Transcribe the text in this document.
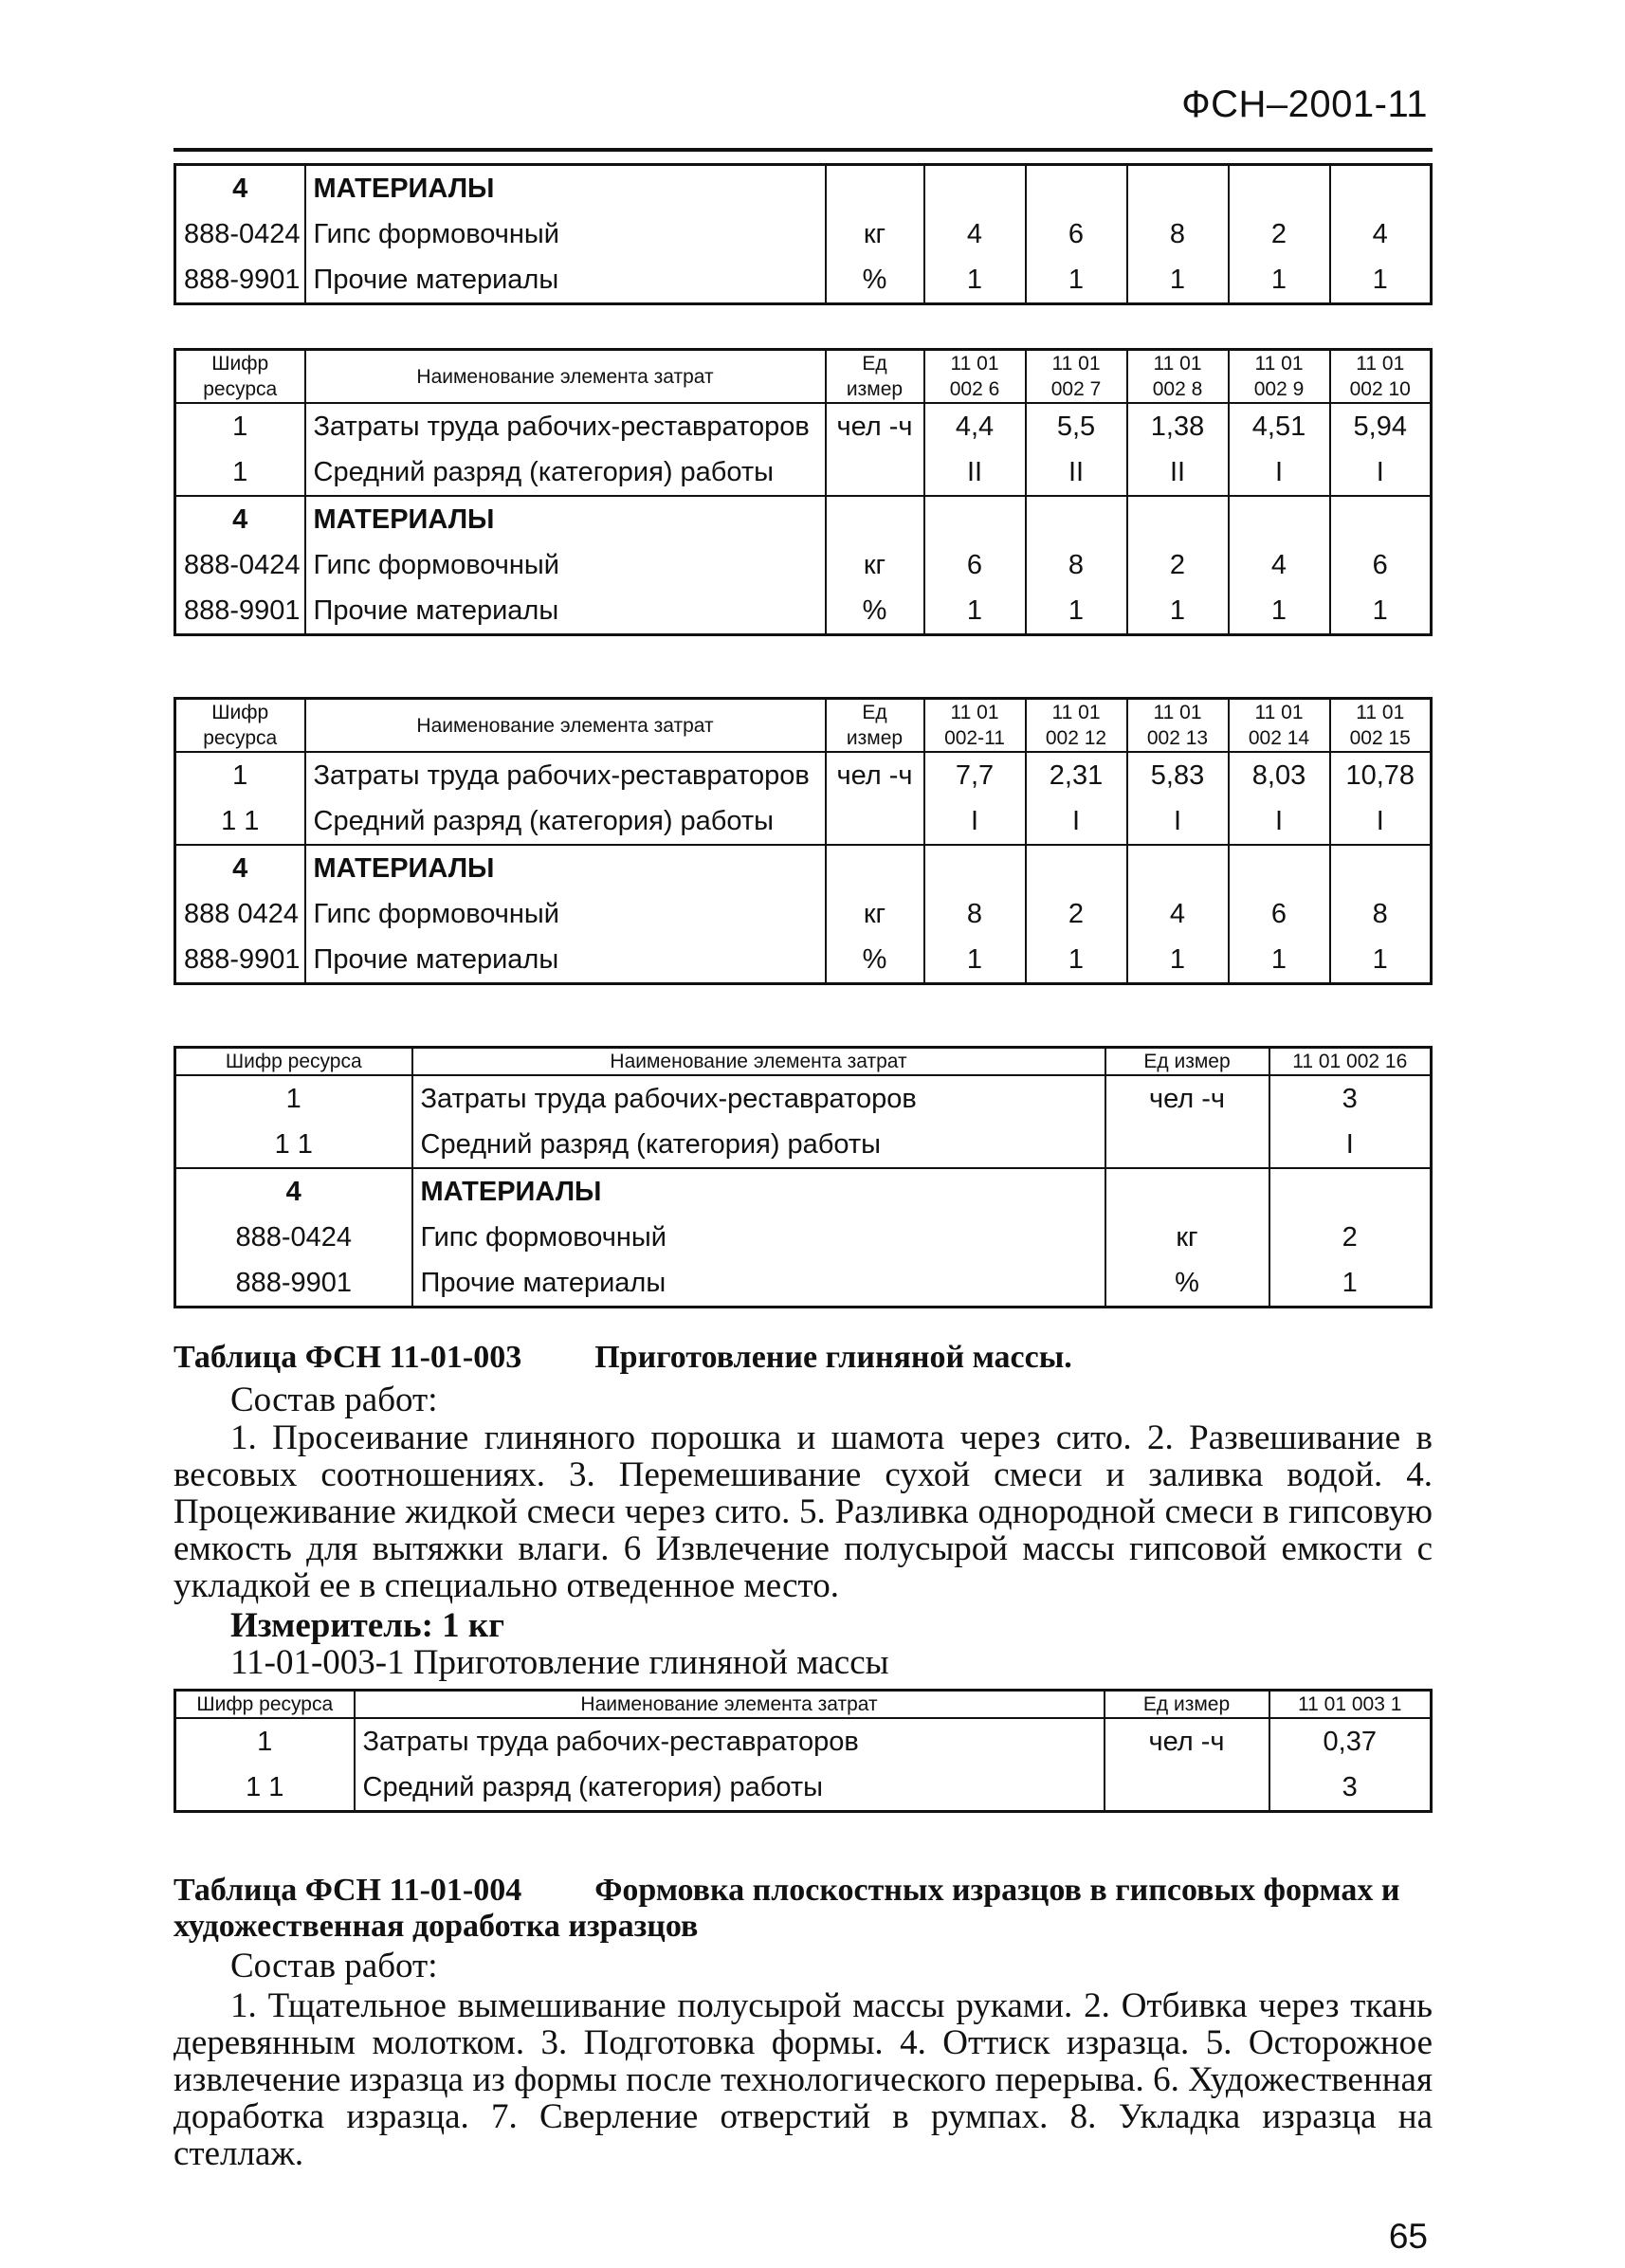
ФСН–2001-11
4	МАТЕРИАЛЫ						
888-0424	Гипс формовочный	кг	4	6	8	2	4
888-9901	Прочие материалы	%	1	1	1	1	1
Шифр ресурса	Наименование элемента затрат	Ед измер	11 01 002 6	11 01 002 7	11 01 002 8	11 01 002 9	11 01 002 10
1	Затраты труда рабочих-реставраторов	чел -ч	4,4	5,5	1,38	4,51	5,94
1	Средний разряд (категория) работы		II	II	II	I	I
4	МАТЕРИАЛЫ						
888-0424	Гипс формовочный	кг	6	8	2	4	6
888-9901	Прочие материалы	%	1	1	1	1	1
Шифр ресурса	Наименование элемента затрат	Ед измер	11 01 002-11	11 01 002 12	11 01 002 13	11 01 002 14	11 01 002 15
1	Затраты труда рабочих-реставраторов	чел -ч	7,7	2,31	5,83	8,03	10,78
1 1	Средний разряд (категория) работы		I	I	I	I	I
4	МАТЕРИАЛЫ						
888 0424	Гипс формовочный	кг	8	2	4	6	8
888-9901	Прочие материалы	%	1	1	1	1	1
Шифр ресурса	Наименование элемента затрат	Ед измер	11 01 002 16
1	Затраты труда рабочих-реставраторов	чел -ч	3
1 1	Средний разряд (категория) работы		I
4	МАТЕРИАЛЫ		
888-0424	Гипс формовочный	кг	2
888-9901	Прочие материалы	%	1
Таблица ФСН 11-01-003 Приготовление глиняной массы.
Состав работ:
1. Просеивание глиняного порошка и шамота через сито. 2. Развешивание в весовых соотношениях. 3. Перемешивание сухой смеси и заливка водой. 4. Процеживание жидкой смеси через сито. 5. Разливка однородной смеси в гипсовую емкость для вытяжки влаги. 6 Извлечение полусырой массы гипсовой емкости с укладкой ее в специально отведенное место.
Измеритель: 1 кг
11-01-003-1 Приготовление глиняной массы
Шифр ресурса	Наименование элемента затрат	Ед измер	11 01 003 1
1	Затраты труда рабочих-реставраторов	чел -ч	0,37
1 1	Средний разряд (категория) работы		3
Таблица ФСН 11-01-004 Формовка плоскостных изразцов в гипсовых формах и художественная доработка изразцов
Состав работ:
1. Тщательное вымешивание полусырой массы руками. 2. Отбивка через ткань деревянным молотком. 3. Подготовка формы. 4. Оттиск изразца. 5. Осторожное извлечение изразца из формы после технологического перерыва. 6. Художественная доработка изразца. 7. Сверление отверстий в румпах. 8. Укладка изразца на стеллаж.
65
